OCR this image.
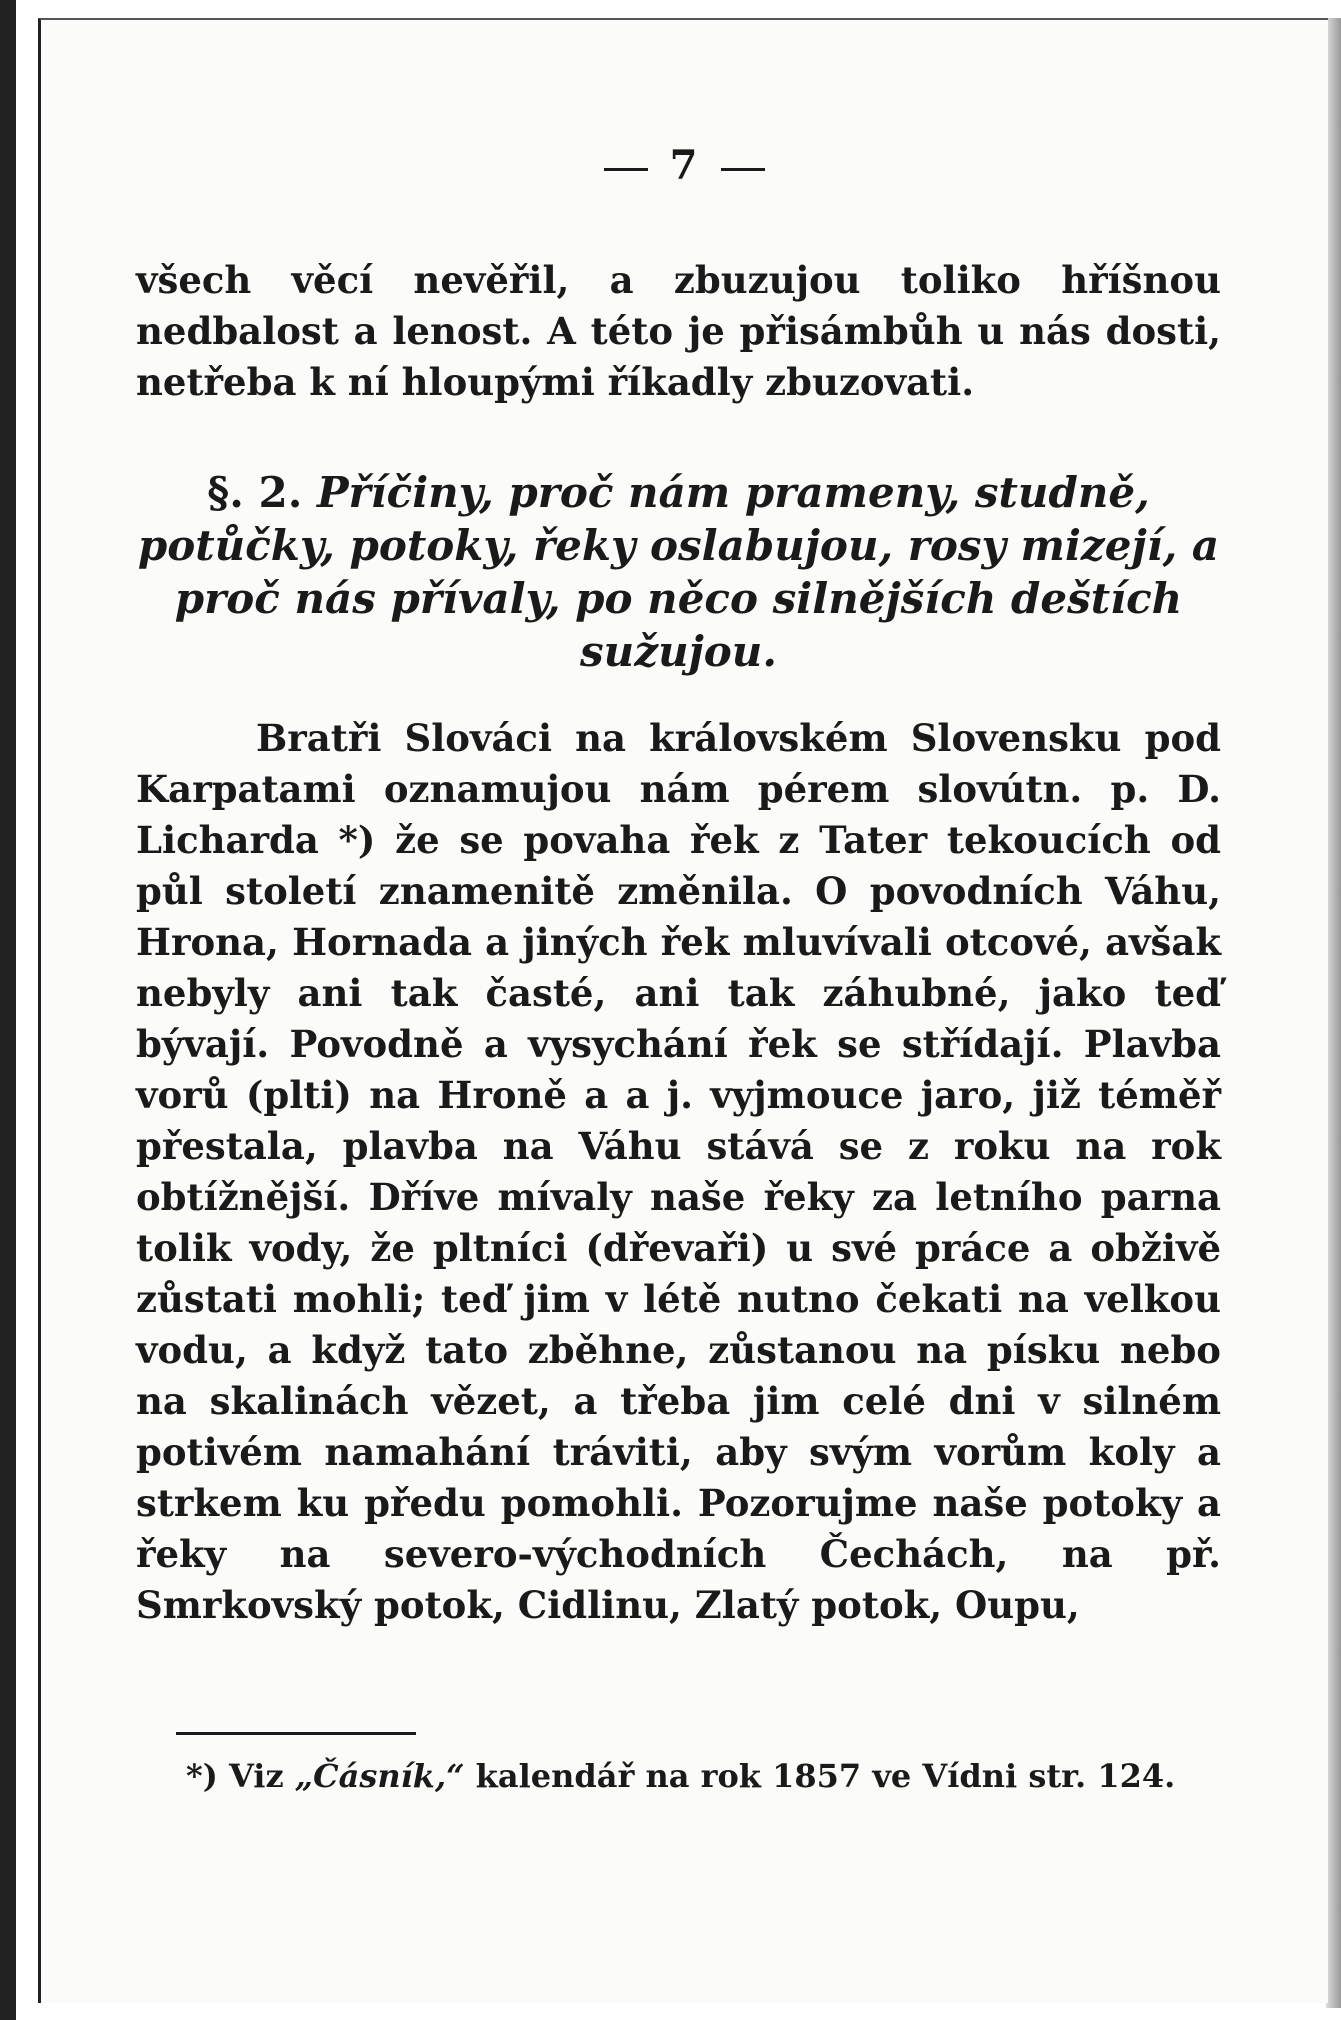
7
všech věcí nevěřil, a zbuzujou toliko hříšnou nedbalost a lenost. A této je přisámbůh u nás dosti, netřeba k ní hloupými říkadly zbuzovati.
§. 2. Příčiny, proč nám prameny, studně, potůčky, potoky, řeky oslabujou, rosy mizejí, a proč nás přívaly, po něco silnějších deštích sužujou.
Bratři Slováci na královském Slovensku pod Karpatami oznamujou nám pérem slovútn. p. D. Licharda *) že se povaha řek z Tater tekoucích od půl století znamenitě změnila. O povodních Váhu, Hrona, Hornada a jiných řek mluvívali otcové, avšak nebyly ani tak časté, ani tak záhubné, jako teď bývají. Povodně a vysychání řek se střídají. Plavba vorů (plti) na Hroně a a j. vyjmouce jaro, již téměř přestala, plavba na Váhu stává se z roku na rok obtížnější. Dříve mívaly naše řeky za letního parna tolik vody, že pltníci (dřevaři) u své práce a obživě zůstati mohli; teď jim v létě nutno čekati na velkou vodu, a když tato zběhne, zůstanou na písku nebo na skalinách vězet, a třeba jim celé dni v silném potivém namahání tráviti, aby svým vorům koly a strkem ku předu pomohli. Pozorujme naše potoky a řeky na severo-východních Čechách, na př. Smrkovský potok, Cidlinu, Zlatý potok, Oupu,
*) Viz „Čásník,“ kalendář na rok 1857 ve Vídni str. 124.
